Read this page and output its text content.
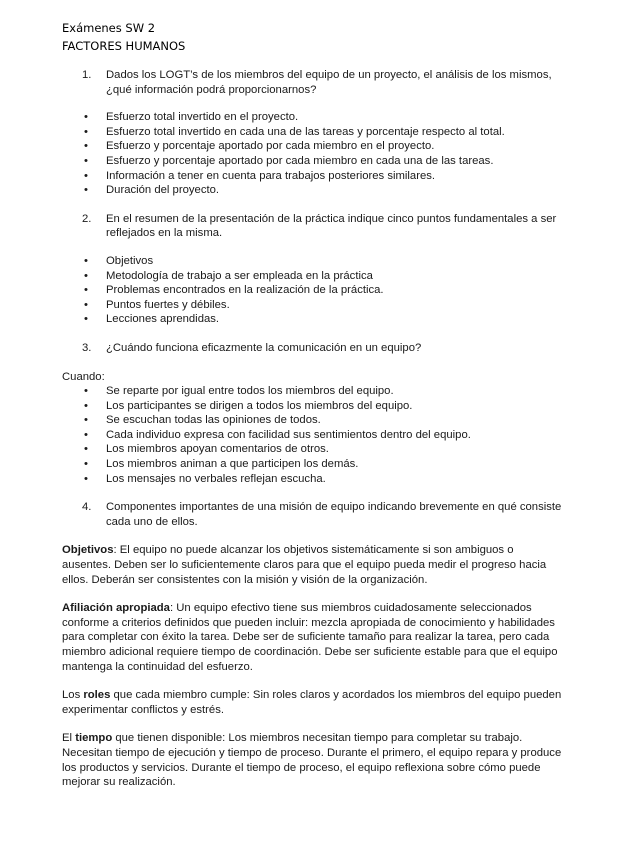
Exámenes SW 2
FACTORES HUMANOS
1.	Dados los LOGT’s de los miembros del equipo de un proyecto, el análisis de los mismos, ¿qué información podrá proporcionarnos?
•	Esfuerzo total invertido en el proyecto.
•	Esfuerzo total invertido en cada una de las tareas y porcentaje respecto al total.
•	Esfuerzo y porcentaje aportado por cada miembro en el proyecto.
•	Esfuerzo y porcentaje aportado por cada miembro en cada una de las tareas.
•	Información a tener en cuenta para trabajos posteriores similares.
•	Duración del proyecto.
2.	En el resumen de la presentación de la práctica indique cinco puntos fundamentales a ser reflejados en la misma.
•	Objetivos
•	Metodología de trabajo a ser empleada en la práctica
•	Problemas encontrados en la realización de la práctica.
•	Puntos fuertes y débiles.
•	Lecciones aprendidas.
3.	¿Cuándo funciona eficazmente la comunicación en un equipo?
Cuando:
•	Se reparte por igual entre todos los miembros del equipo.
•	Los participantes se dirigen a todos los miembros del equipo.
•	Se escuchan todas las opiniones de todos.
•	Cada individuo expresa con facilidad sus sentimientos dentro del equipo.
•	Los miembros apoyan comentarios de otros.
•	Los miembros animan a que participen los demás.
•	Los mensajes no verbales reflejan escucha.
4.	Componentes importantes de una misión de equipo indicando brevemente en qué consiste cada uno de ellos.
Objetivos: El equipo no puede alcanzar los objetivos sistemáticamente si son ambiguos o ausentes. Deben ser lo suficientemente claros para que el equipo pueda medir el progreso hacia ellos. Deberán ser consistentes con la misión y visión de la organización.
Afiliación apropiada: Un equipo efectivo tiene sus miembros cuidadosamente seleccionados conforme a criterios definidos que pueden incluir: mezcla apropiada de conocimiento y habilidades para completar con éxito la tarea. Debe ser de suficiente tamaño para realizar la tarea, pero cada miembro adicional requiere tiempo de coordinación. Debe ser suficiente estable para que el equipo mantenga la continuidad del esfuerzo.
Los roles que cada miembro cumple: Sin roles claros y acordados los miembros del equipo pueden experimentar conflictos y estrés.
El tiempo que tienen disponible: Los miembros necesitan tiempo para completar su trabajo. Necesitan tiempo de ejecución y tiempo de proceso. Durante el primero, el equipo repara y produce los productos y servicios. Durante el tiempo de proceso, el equipo reflexiona sobre cómo puede mejorar su realización.
